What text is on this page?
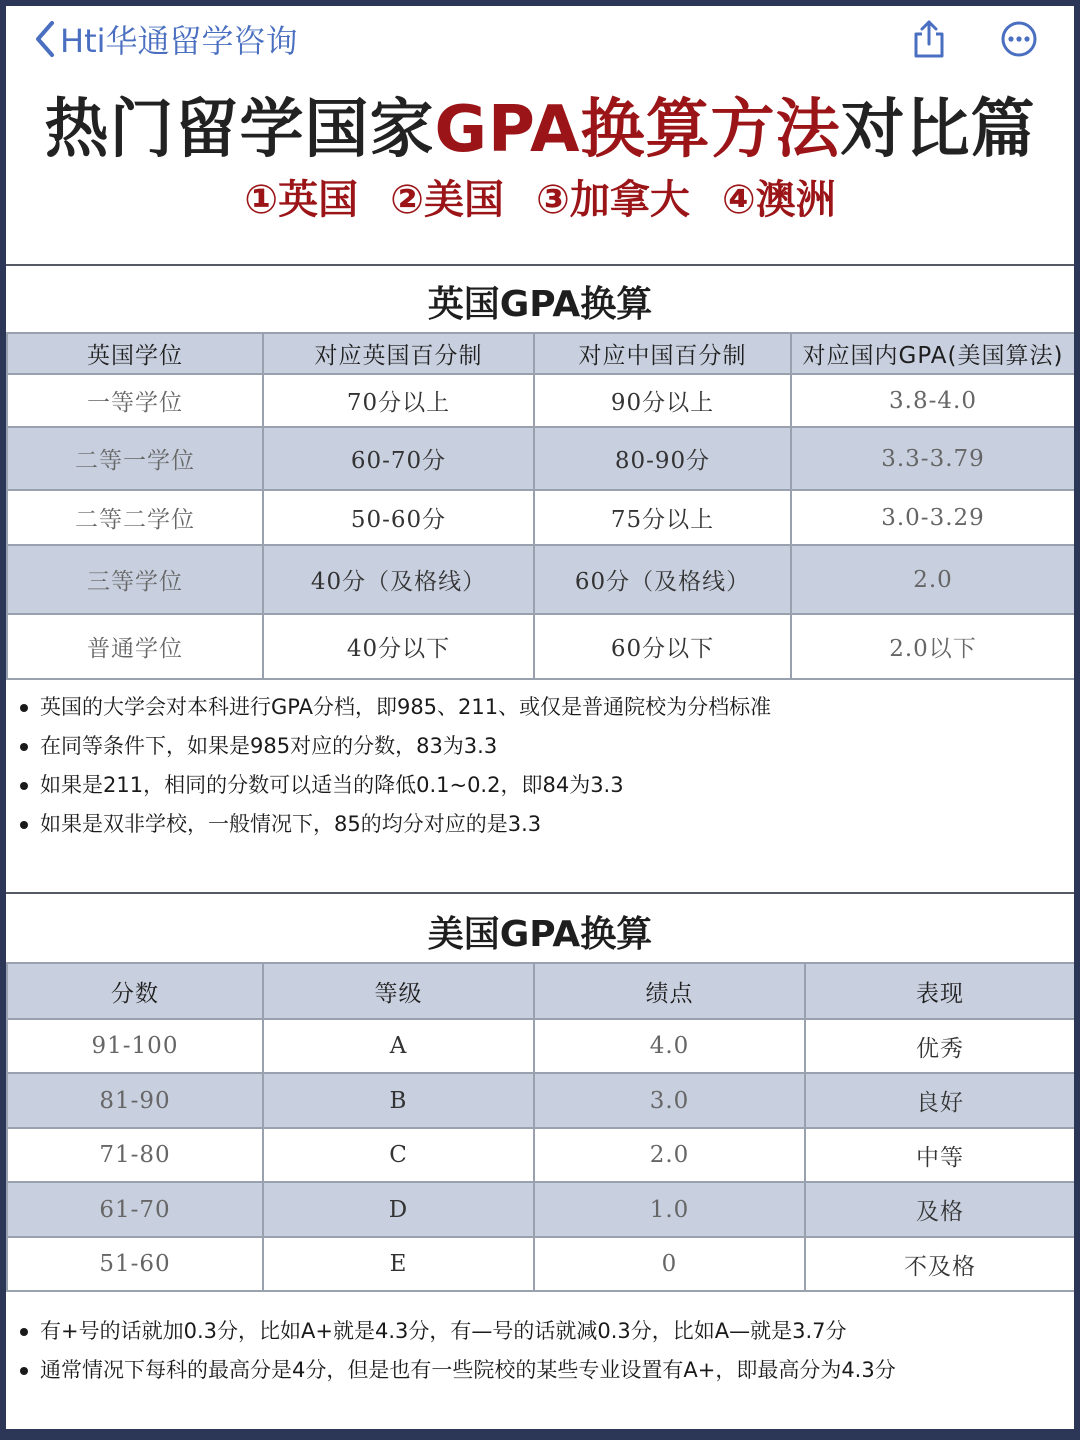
Hti华通留学咨询
热门留学国家GPA换算方法对比篇
①英国 ②美国 ③加拿大 ④澳洲
英国GPA换算
英国学位	对应英国百分制	对应中国百分制	对应国内GPA(美国算法)
一等学位	70分以上	90分以上	3.8-4.0
二等一学位	60-70分	80-90分	3.3-3.79
二等二学位	50-60分	75分以上	3.0-3.29
三等学位	40分（及格线）	60分（及格线）	2.0
普通学位	40分以下	60分以下	2.0以下
英国的大学会对本科进行GPA分档，即985、211、或仅是普通院校为分档标准
在同等条件下，如果是985对应的分数，83为3.3
如果是211，相同的分数可以适当的降低0.1~0.2，即84为3.3
如果是双非学校，一般情况下，85的均分对应的是3.3
美国GPA换算
分数	等级	绩点	表现
91-100	A	4.0	优秀
81-90	B	3.0	良好
71-80	C	2.0	中等
61-70	D	1.0	及格
51-60	E	0	不及格
有+号的话就加0.3分，比如A+就是4.3分，有—号的话就减0.3分，比如A—就是3.7分
通常情况下每科的最高分是4分，但是也有一些院校的某些专业设置有A+，即最高分为4.3分
